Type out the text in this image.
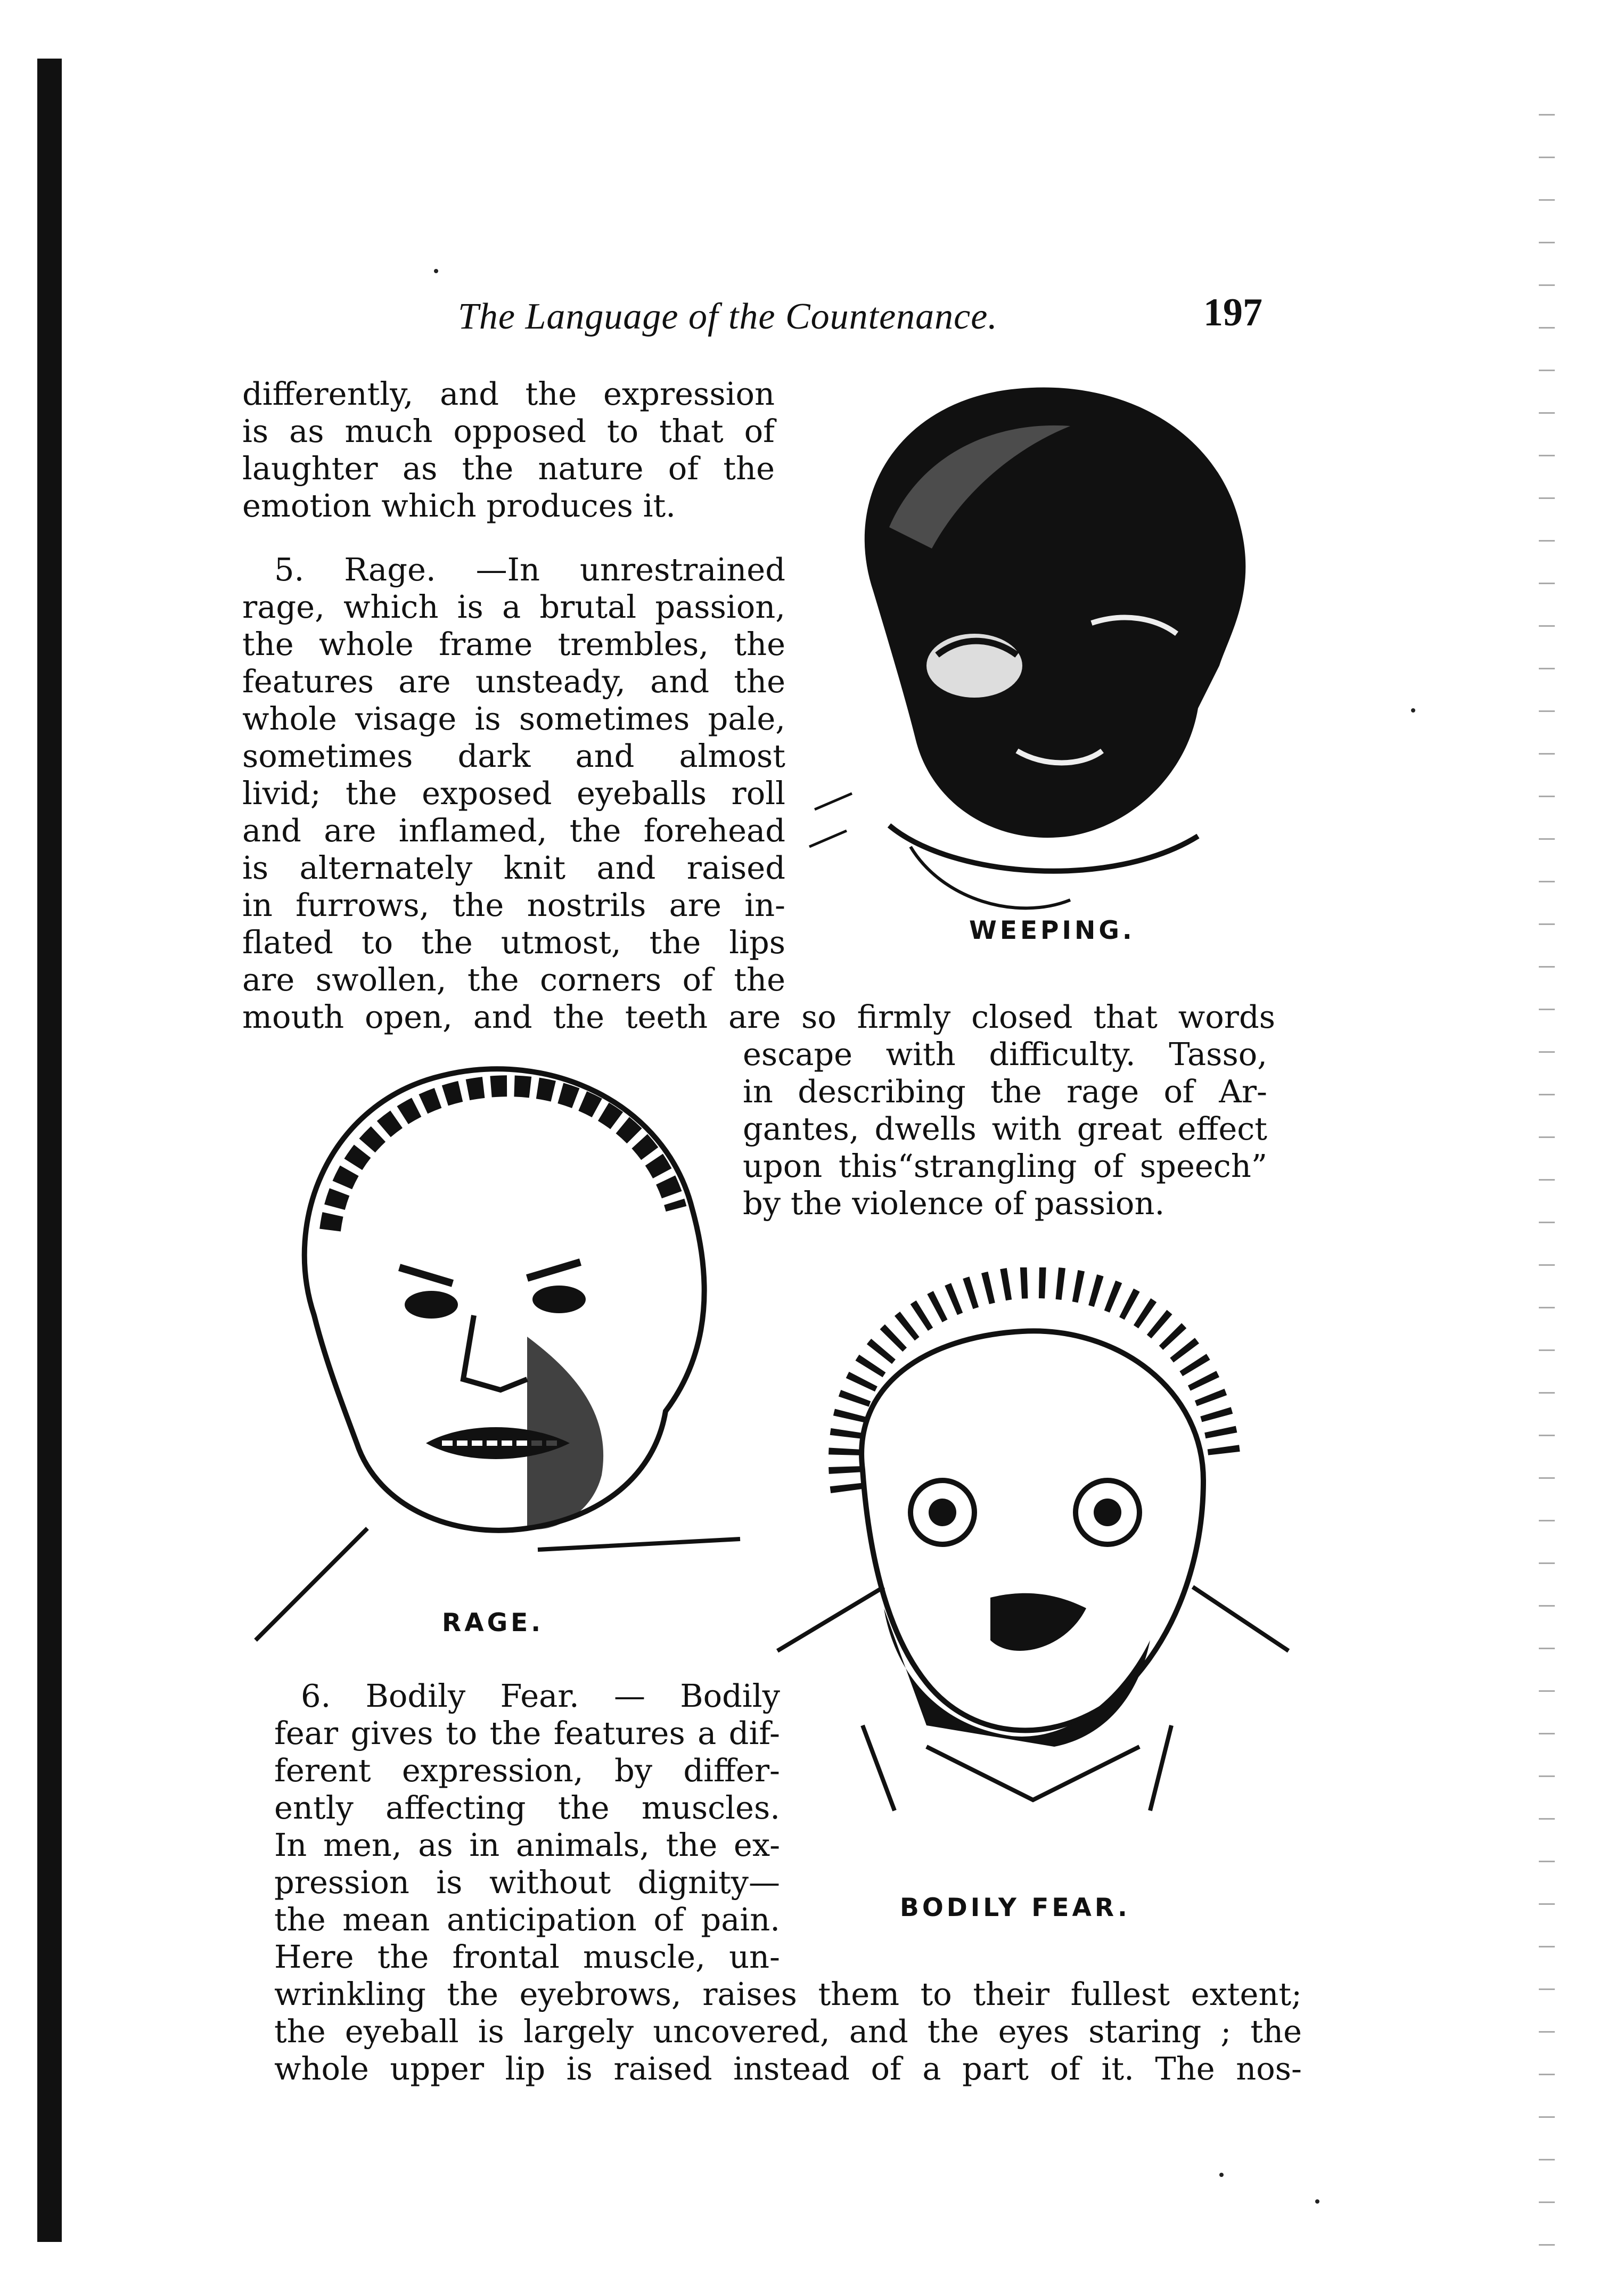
The Language of the Countenance.	197
differently, and the expression
is as much opposed to that of
laughter as the nature of the
emotion which produces it.
5. Rage. —In unrestrained
rage, which is a brutal passion,
the whole frame trembles, the
features are unsteady, and the
whole visage is sometimes pale,
sometimes dark and almost
livid; the exposed eyeballs roll
and are inflamed, the forehead
is alternately knit and raised
in furrows, the nostrils are in-
flated to the utmost, the lips
are swollen, the corners of the
mouth open, and the teeth are so firmly closed that words
escape with difficulty. Tasso,
in describing the rage of Ar-
gantes, dwells with great effect
upon this“strangling of speech”
by the violence of passion.
6. Bodily Fear. — Bodily
fear gives to the features a dif-
ferent expression, by differ-
ently affecting the muscles.
In men, as in animals, the ex-
pression is without dignity—
the mean anticipation of pain.
Here the frontal muscle, un-
wrinkling the eyebrows, raises them to their fullest extent;
the eyeball is largely uncovered, and the eyes staring ; the
whole upper lip is raised instead of a part of it. The nos-
WEEPING.
RAGE.
BODILY FEAR.
